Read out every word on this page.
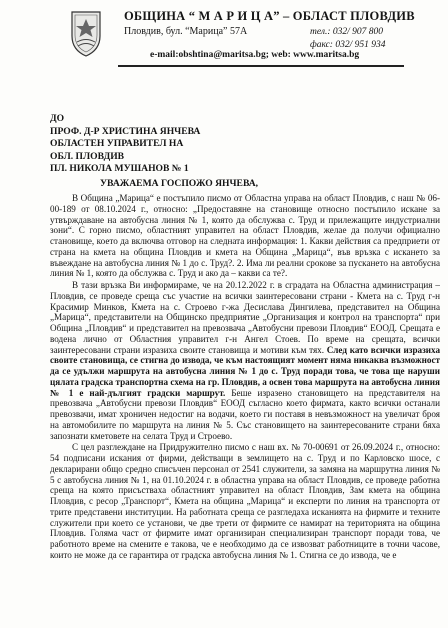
ОБЩИНА “ М А Р И Ц А” – ОБЛАСТ ПЛОВДИВ
Пловдив, бул. “Марица” 57А	тел.: 032/ 907 800
факс: 032/ 951 934
e-mail:obshtina@maritsa.bg; web: www.maritsa.bg
ДО
ПРОФ. Д-Р ХРИСТИНА ЯНЧЕВА
ОБЛАСТЕН УПРАВИТЕЛ НА
ОБЛ. ПЛОВДИВ
ПЛ. НИКОЛА МУШАНОВ № 1
УВАЖАЕМА ГОСПОЖО ЯНЧЕВА,

В Община „Марица“ е постъпило писмо от Областна управа на област Пловдив, с наш № 06-00-189 от 08.10.2024 г., относно: „Предоставяне на становище относно постъпило искане за утвърждаване на автобусна линия № 1, която да обслужва с. Труд и прилежащите индустриални зони“. С горно писмо, областният управител на област Пловдив, желае да получи официално становище, което да включва отговор на следната информация: 1. Какви действия са предприети от страна на кмета на община Пловдив и кмета на Община „Марица“, във връзка с искането за въвеждане на автобусна линия № 1 до с. Труд?. 2. Има ли реални срокове за пускането на автобусна линия № 1, която да обслужва с. Труд и ако да – какви са те?.

В тази връзка Ви информираме, че на 20.12.2022 г. в сградата на Областна администрация – Пловдив, се проведе среща със участие на всички заинтересовани страни - Кмета на с. Труд г-н Красимир Минков, Кмета на с. Строево г-жа Десислава Дингилева, представител на Община „Марица“, представители на Общинско предприятие „Организация и контрол на транспорта“ при Община „Пловдив“ и представител на превозвача „Автобусни превози Пловдив“ ЕООД. Срещата е водена лично от Областния управител г-н Ангел Стоев. По време на срещата, всички заинтересовани страни изразиха своите становища и мотиви към тях. След като всички изразиха своите становища, се стигна до извода, че към настоящият момент няма никаква възможност да се удължи маршрута на автобусна линия № 1 до с. Труд поради това, че това ще наруши цялата градска транспортна схема на гр. Пловдив, а освен това маршрута на автобусна линия № 1 е най-дългият градски маршрут. Беше изразено становището на представителя на превозвача „Автобусни превози Пловдив“ ЕООД съгласно което фирмата, както всички останали превозвачи, имат хроничен недостиг на водачи, което ги поставя в невъзможност на увеличат броя на автомобилите по маршрута на линия № 5. Със становището на заинтересованите страни бяха запознати кметовете на селата Труд и Строево.

С цел разглеждане на Придружително писмо с наш вх. № 70-00691 от 26.09.2024 г., относно: 54 подписани искания от фирми, действащи в землището на с. Труд и по Карловско шосе, с декларирани общо средно списъчен персонал от 2541 служители, за замяна на маршрутна линия № 5 с автобусна линия № 1, на 01.10.2024 г. в областна управа на област Пловдив, се проведе работна среща на която присъстваха областният управител на област Пловдив, Зам кмета на община Пловдив, с ресор „Транспорт“, Кмета на община „Марица“ и експерти по линия на транспорта от трите представени институции. На работната среща се разгледаха исканията на фирмите и техните служители при което се установи, че две трети от фирмите се намират на територията на община Пловдив. Голяма част от фирмите имат организиран специализиран транспорт поради това, че работното време на смените е такова, че е необходимо да се извозват работниците в точни часове, които не може да се гарантира от градска автобусна линия № 1. Стигна се до извода, че е
